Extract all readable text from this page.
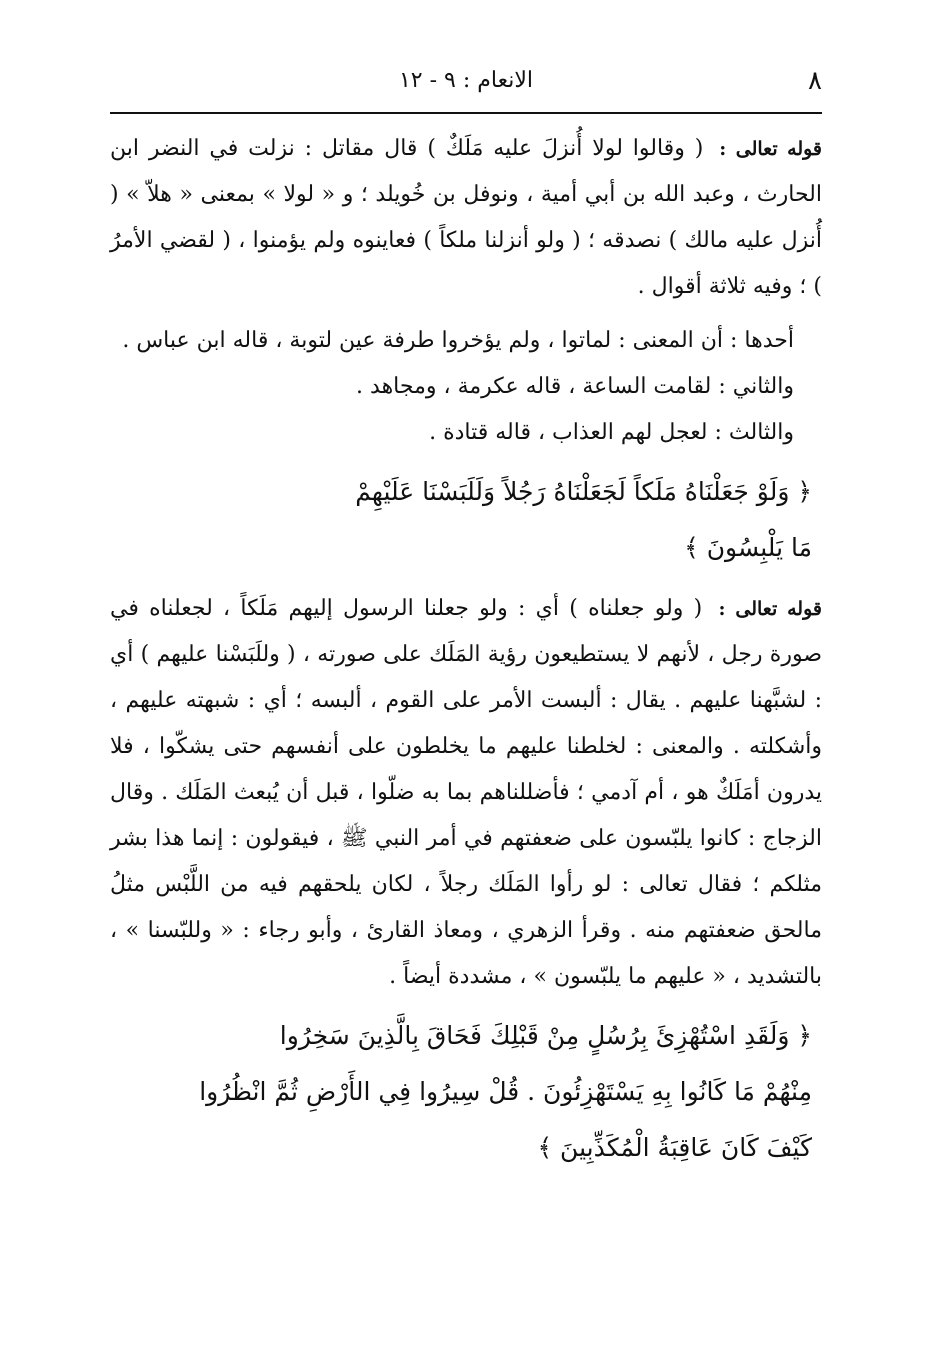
٨
الانعام : ٩ - ١٢

قوله تعالى : ( وقالوا لولا أُنزلَ عليه مَلَكٌ ) قال مقاتل : نزلت في النضر ابن الحارث ، وعبد الله بن أبي أمية ، ونوفل بن خُويلد ؛ و « لولا » بمعنى « هلاّ » ( أُنزل عليه مالك ) نصدقه ؛ ( ولو أنزلنا ملكاً ) فعاينوه ولم يؤمنوا ، ( لقضي الأمرُ ) ؛ وفيه ثلاثة أقوال .

أحدها : أن المعنى : لماتوا ، ولم يؤخروا طرفة عين لتوبة ، قاله ابن عباس .

والثاني : لقامت الساعة ، قاله عكرمة ، ومجاهد .

والثالث : لعجل لهم العذاب ، قاله قتادة .

﴿ وَلَوْ جَعَلْنَاهُ مَلَكاً لَجَعَلْنَاهُ رَجُلاً وَلَلَبَسْنَا عَلَيْهِمْ
مَا يَلْبِسُونَ ﴾

قوله تعالى : ( ولو جعلناه ) أي : ولو جعلنا الرسول إليهم مَلَكاً ، لجعلناه في صورة رجل ، لأنهم لا يستطيعون رؤية المَلَك على صورته ، ( وللَبَسْنا عليهم ) أي : لشبَّهنا عليهم . يقال : ألبست الأمر على القوم ، ألبسه ؛ أي : شبهته عليهم ، وأشكلته . والمعنى : لخلطنا عليهم ما يخلطون على أنفسهم حتى يشكّوا ، فلا يدرون أمَلَكٌ هو ، أم آدمي ؛ فأضللناهم بما به ضلّوا ، قبل أن يُبعث المَلَك . وقال الزجاج : كانوا يلبّسون على ضعفتهم في أمر النبي ﷺ ، فيقولون : إنما هذا بشر مثلكم ؛ فقال تعالى : لو رأوا المَلَك رجلاً ، لكان يلحقهم فيه من اللَّبْس مثلُ مالحق ضعفتهم منه . وقرأ الزهري ، ومعاذ القارئ ، وأبو رجاء : « وللبّسنا » ، بالتشديد ، « عليهم ما يلبّسون » ، مشددة أيضاً .

﴿ وَلَقَدِ اسْتُهْزِئَ بِرُسُلٍ مِنْ قَبْلِكَ فَحَاقَ بِالَّذِينَ سَخِرُوا
مِنْهُمْ مَا كَانُوا بِهِ يَسْتَهْزِئُونَ . قُلْ سِيرُوا فِي الأَرْضِ ثُمَّ انْظُرُوا
كَيْفَ كَانَ عَاقِبَةُ الْمُكَذِّبِينَ ﴾
